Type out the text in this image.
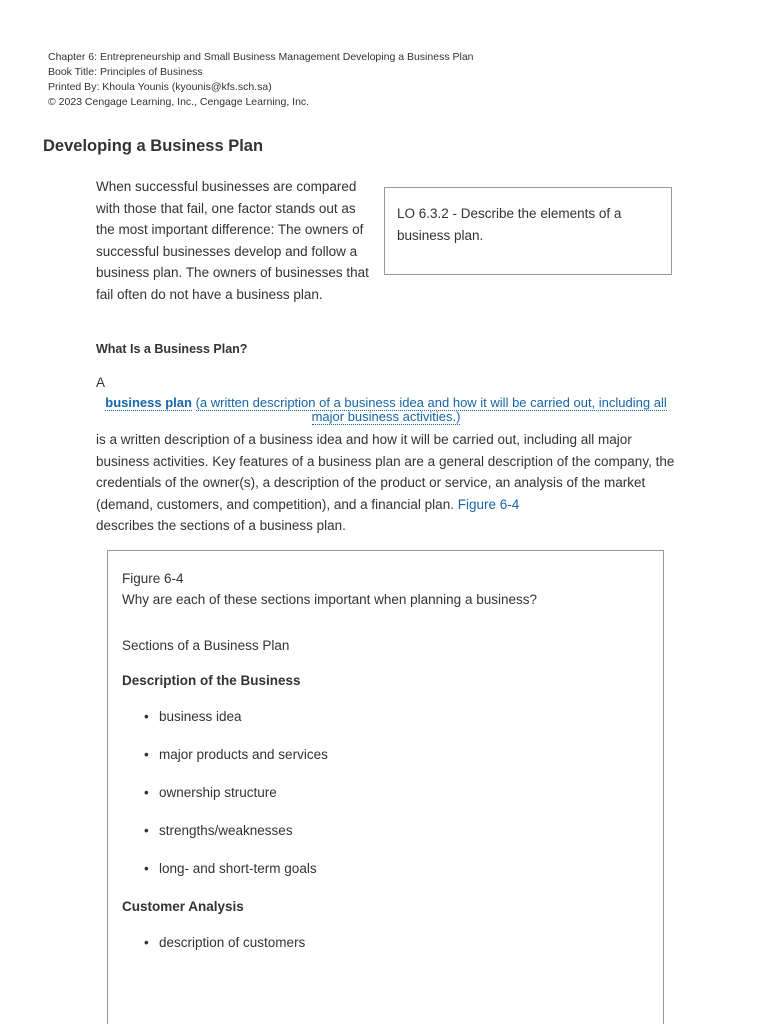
Chapter 6: Entrepreneurship and Small Business Management Developing a Business Plan
Book Title: Principles of Business
Printed By: Khoula Younis (kyounis@kfs.sch.sa)
© 2023 Cengage Learning, Inc., Cengage Learning, Inc.
Developing a Business Plan
LO 6.3.2 - Describe the elements of a business plan.
When successful businesses are compared with those that fail, one factor stands out as the most important difference: The owners of successful businesses develop and follow a business plan. The owners of businesses that fail often do not have a business plan.
What Is a Business Plan?
A
business plan (a written description of a business idea and how it will be carried out, including all major business activities.)
is a written description of a business idea and how it will be carried out, including all major business activities. Key features of a business plan are a general description of the company, the credentials of the owner(s), a description of the product or service, an analysis of the market (demand, customers, and competition), and a financial plan. Figure 6-4
describes the sections of a business plan.
Figure 6-4
Why are each of these sections important when planning a business?
Sections of a Business Plan
Description of the Business
• business idea
• major products and services
• ownership structure
• strengths/weaknesses
• long- and short-term goals
Customer Analysis
• description of customers
